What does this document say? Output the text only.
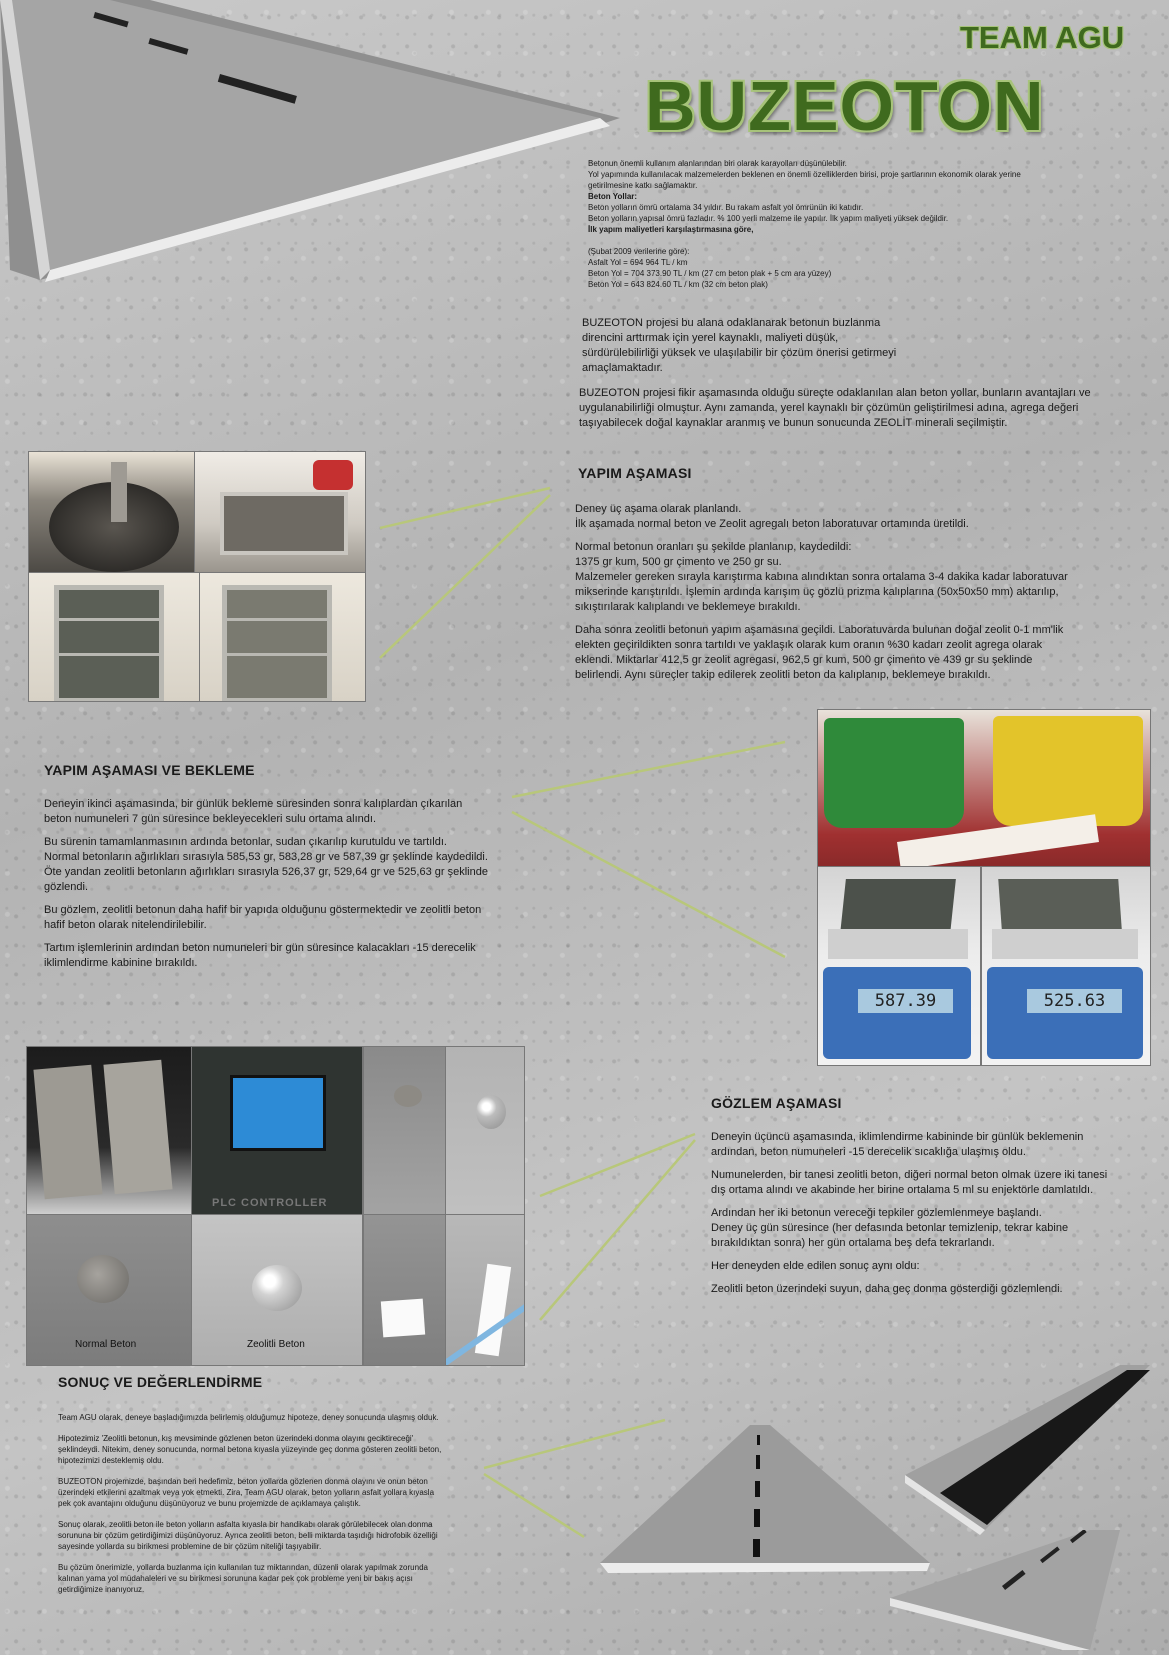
TEAM AGU
BUZEOTON

Betonun önemli kullanım alanlarından biri olarak karayolları düşünülebilir.

Yol yapımında kullanılacak malzemelerden beklenen en önemli özelliklerden birisi, proje şartlarının ekonomik olarak yerine

getirilmesine katkı sağlamaktır.

Beton Yollar:

Beton yolların ömrü ortalama 34 yıldır. Bu rakam asfalt yol ömrünün iki katıdır.

Beton yolların yapısal ömrü fazladır. % 100 yerli malzeme ile yapılır. İlk yapım maliyeti yüksek değildir.

İlk yapım maliyetleri karşılaştırmasına göre,

(Şubat 2009 verilerine göre):

Asfalt Yol = 694 964 TL / km

Beton Yol = 704 373.90 TL / km (27 cm beton plak + 5 cm ara yüzey)

Beton Yol = 643 824.60 TL / km (32 cm beton plak)

BUZEOTON projesi bu alana odaklanarak betonun buzlanma

direncini arttırmak için yerel kaynaklı, maliyeti düşük,

sürdürülebilirliği yüksek ve ulaşılabilir bir çözüm önerisi getirmeyi

amaçlamaktadır.

BUZEOTON projesi fikir aşamasında olduğu süreçte odaklanılan alan beton yollar, bunların avantajları ve

uygulanabilirliği olmuştur. Aynı zamanda, yerel kaynaklı bir çözümün geliştirilmesi adına, agrega değeri

taşıyabilecek doğal kaynaklar aranmış ve bunun sonucunda ZEOLİT minerali seçilmiştir.

YAPIM AŞAMASI

Deney üç aşama olarak planlandı.

İlk aşamada normal beton ve Zeolit agregalı beton laboratuvar ortamında üretildi.

Normal betonun oranları şu şekilde planlanıp, kaydedildi:

1375 gr kum, 500 gr çimento ve 250 gr su.

Malzemeler gereken sırayla karıştırma kabına alındıktan sonra ortalama 3-4 dakika kadar laboratuvar

mikserinde karıştırıldı. İşlemin ardında karışım üç gözlü prizma kalıplarına (50x50x50 mm) aktarılıp,

sıkıştırılarak kalıplandı ve beklemeye bırakıldı.

Daha sonra zeolitli betonun yapım aşamasına geçildi. Laboratuvarda bulunan doğal zeolit 0-1 mm'lik

elekten geçirildikten sonra tartıldı ve yaklaşık olarak kum oranın %30 kadarı zeolit agrega olarak

eklendi. Miktarlar 412,5 gr zeolit agregası, 962,5 gr kum, 500 gr çimento ve 439 gr su şeklinde

belirlendi. Aynı süreçler takip edilerek zeolitli beton da kalıplanıp, beklemeye bırakıldı.

587.39	525.63
YAPIM AŞAMASI VE BEKLEME

Deneyin ikinci aşamasında, bir günlük bekleme süresinden sonra kalıplardan çıkarılan

beton numuneleri 7 gün süresince bekleyecekleri sulu ortama alındı.

Bu sürenin tamamlanmasının ardında betonlar, sudan çıkarılıp kurutuldu ve tartıldı.

Normal betonların ağırlıkları sırasıyla 585,53 gr, 583,28 gr ve 587,39 gr şeklinde kaydedildi.

Öte yandan zeolitli betonların ağırlıkları sırasıyla 526,37 gr, 529,64 gr ve 525,63 gr şeklinde

gözlendi.

Bu gözlem, zeolitli betonun daha hafif bir yapıda olduğunu göstermektedir ve zeolitli beton

hafif beton olarak nitelendirilebilir.

Tartım işlemlerinin ardından beton numuneleri bir gün süresince kalacakları -15 derecelik

iklimlendirme kabinine bırakıldı.

PLC CONTROLLER
Normal Beton	Zeolitli Beton
GÖZLEM AŞAMASI

Deneyin üçüncü aşamasında, iklimlendirme kabininde bir günlük beklemenin

ardından, beton numuneleri -15 derecelik sıcaklığa ulaşmış oldu.

Numunelerden, bir tanesi zeolitli beton, diğeri normal beton olmak üzere iki tanesi

dış ortama alındı ve akabinde her birine ortalama 5 ml su enjektörle damlatıldı.

Ardından her iki betonun vereceği tepkiler gözlemlenmeye başlandı.

Deney üç gün süresince (her defasında betonlar temizlenip, tekrar kabine

bırakıldıktan sonra) her gün ortalama beş defa tekrarlandı.

Her deneyden elde edilen sonuç aynı oldu:

Zeolitli beton üzerindeki suyun, daha geç donma gösterdiği gözlemlendi.

SONUÇ VE DEĞERLENDİRME

Team AGU olarak, deneye başladığımızda belirlemiş olduğumuz hipoteze, deney sonucunda ulaşmış olduk.

Hipotezimiz 'Zeolitli betonun, kış mevsiminde gözlenen beton üzerindeki donma olayını geciktireceği' şeklindeydi. Nitekim, deney sonucunda, normal betona kıyasla yüzeyinde geç donma gösteren zeolitli beton, hipotezimizi desteklemiş oldu.

BUZEOTON projemizde, başından beri hedefimiz, beton yollarda gözlenen donma olayını ve onun beton üzerindeki etkilerini azaltmak veya yok etmekti. Zira, Team AGU olarak, beton yolların asfalt yollara kıyasla pek çok avantajını olduğunu düşünüyoruz ve bunu projemizde de açıklamaya çalıştık.

Sonuç olarak, zeolitli beton ile beton yolların asfalta kıyasla bir handikabı olarak görülebilecek olan donma sorununa bir çözüm getirdiğimizi düşünüyoruz. Ayrıca zeolitli beton, belli miktarda taşıdığı hidrofobik özelliği sayesinde yollarda su birikmesi problemine de bir çözüm niteliği taşıyabilir.

Bu çözüm önerimizle, yollarda buzlanma için kullanılan tuz miktarından, düzenli olarak yapılmak zorunda kalınan yama yol müdahaleleri ve su birikmesi sorununa kadar pek çok probleme yeni bir bakış açısı getirdiğimize inanıyoruz.
